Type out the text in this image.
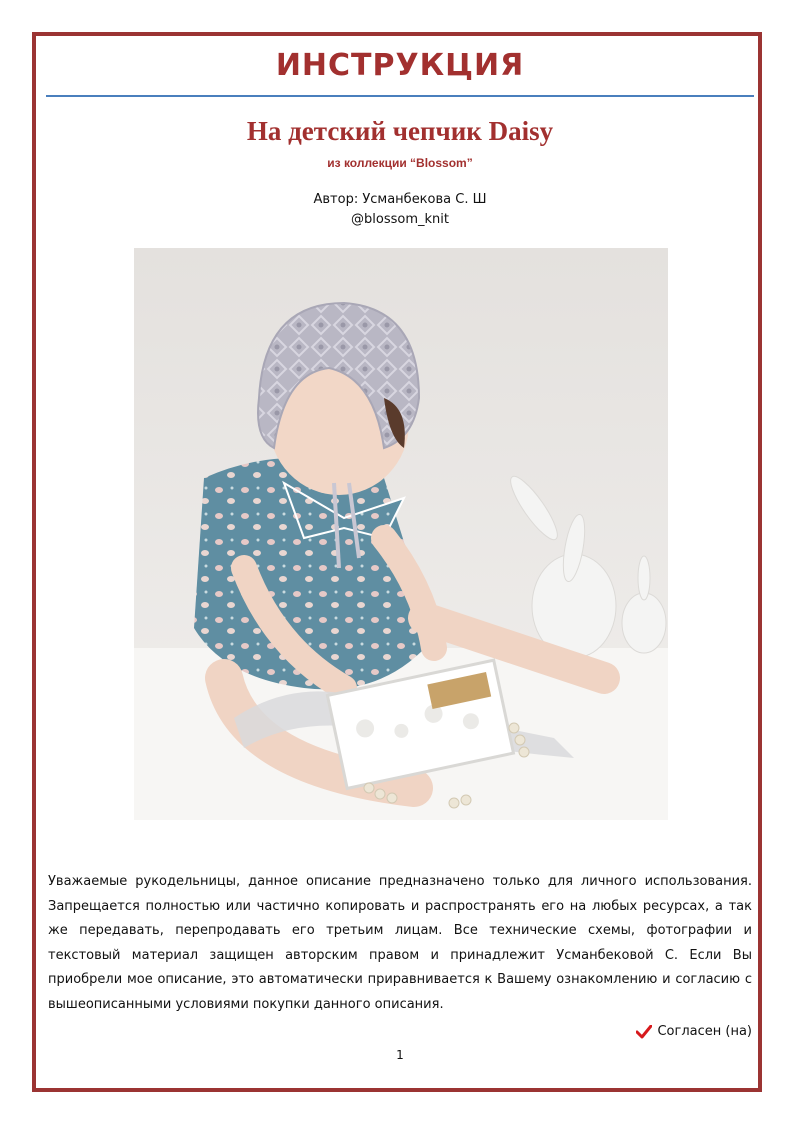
ИНСТРУКЦИЯ
На детский чепчик Daisy
из коллекции “Blossom”
Автор: Усманбекова С. Ш
@blossom_knit

Уважаемые рукодельницы, данное описание предназначено только для личного использования. Запрещается полностью или частично копировать и распространять его на любых ресурсах, а так же передавать, перепродавать его третьим лицам. Все технические схемы, фотографии и текстовый материал защищен авторским правом и принадлежит Усманбековой С. Если Вы приобрели мое описание, это автоматически приравнивается к Вашему ознакомлению и согласию с вышеописанными условиями покупки данного описания.

Согласен (на)
1
